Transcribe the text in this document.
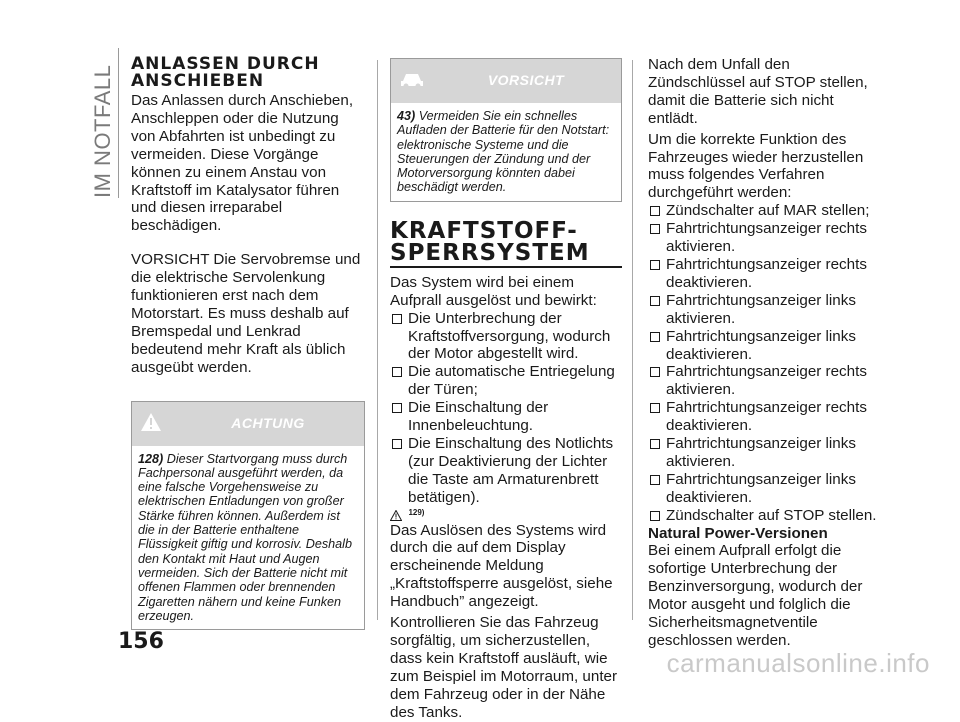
IM NOTFALL
ANLASSEN DURCH
ANSCHIEBEN

Das Anlassen durch Anschieben, Anschleppen oder die Nutzung von Abfahrten ist unbedingt zu vermeiden. Diese Vorgänge können zu einem Anstau von Kraftstoff im Katalysator führen und diesen irreparabel beschädigen.

VORSICHT Die Servobremse und die elektrische Servolenkung funktionieren erst nach dem Motorstart. Es muss deshalb auf Bremspedal und Lenkrad bedeutend mehr Kraft als üblich ausgeübt werden.

ACHTUNG
128) Dieser Startvorgang muss durch Fachpersonal ausgeführt werden, da eine falsche Vorgehensweise zu elektrischen Entladungen von großer Stärke führen können. Außerdem ist die in der Batterie enthaltene Flüssigkeit giftig und korrosiv. Deshalb den Kontakt mit Haut und Augen vermeiden. Sich der Batterie nicht mit offenen Flammen oder brennenden Zigaretten nähern und keine Funken erzeugen.
VORSICHT
43) Vermeiden Sie ein schnelles Aufladen der Batterie für den Notstart: elektronische Systeme und die Steuerungen der Zündung und der Motorversorgung könnten dabei beschädigt werden.
KRAFTSTOFF-
SPERRSYSTEM

Das System wird bei einem Aufprall ausgelöst und bewirkt:

Die Unterbrechung der Kraftstoffversorgung, wodurch der Motor abgestellt wird.
Die automatische Entriegelung der Türen;
Die Einschaltung der Innenbeleuchtung.
Die Einschaltung des Notlichts (zur Deaktivierung der Lichter die Taste am Armaturenbrett betätigen).
$^{129)}$

Das Auslösen des Systems wird durch die auf dem Display erscheinende Meldung „Kraftstoffsperre ausgelöst, siehe Handbuch” angezeigt.

Kontrollieren Sie das Fahrzeug sorgfältig, um sicherzustellen, dass kein Kraftstoff ausläuft, wie zum Beispiel im Motorraum, unter dem Fahrzeug oder in der Nähe des Tanks.

Nach dem Unfall den Zündschlüssel auf STOP stellen, damit die Batterie sich nicht entlädt.

Um die korrekte Funktion des Fahrzeuges wieder herzustellen muss folgendes Verfahren durchgeführt werden:

Zündschalter auf MAR stellen;
Fahrtrichtungsanzeiger rechts aktivieren.
Fahrtrichtungsanzeiger rechts deaktivieren.
Fahrtrichtungsanzeiger links aktivieren.
Fahrtrichtungsanzeiger links deaktivieren.
Fahrtrichtungsanzeiger rechts aktivieren.
Fahrtrichtungsanzeiger rechts deaktivieren.
Fahrtrichtungsanzeiger links aktivieren.
Fahrtrichtungsanzeiger links deaktivieren.
Zündschalter auf STOP stellen.

Natural Power-Versionen

Bei einem Aufprall erfolgt die sofortige Unterbrechung der Benzinversorgung, wodurch der Motor ausgeht und folglich die Sicherheitsmagnetventile geschlossen werden.

156
carmanualsonline.info
